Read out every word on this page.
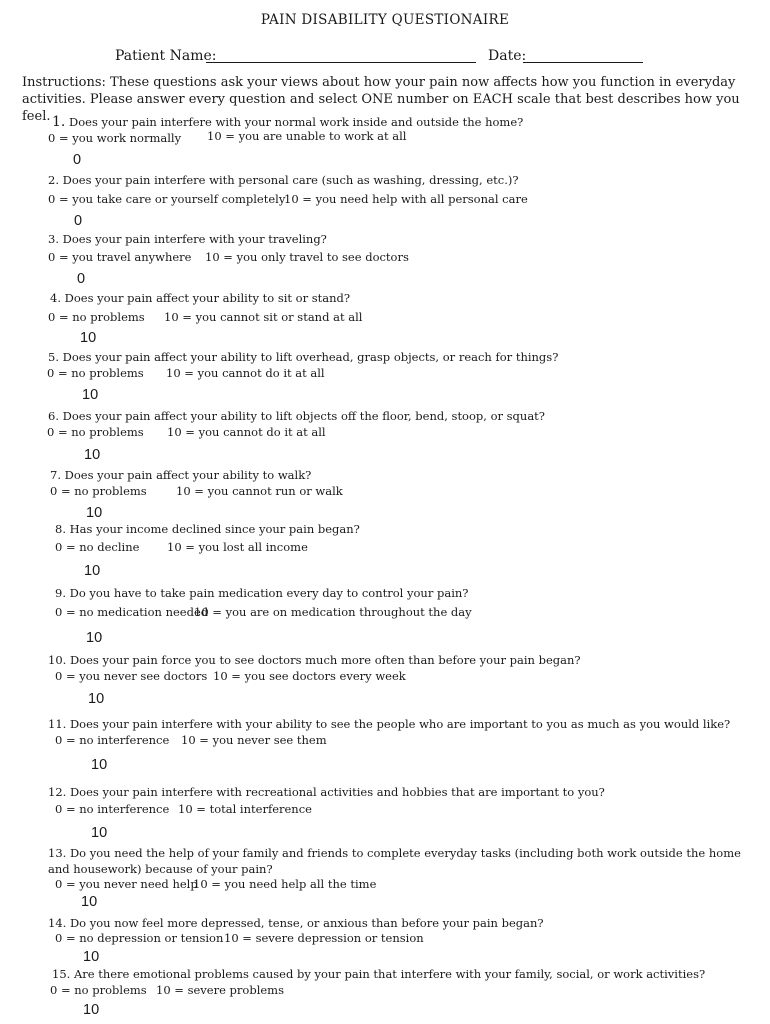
PAIN DISABILITY QUESTIONAIRE
Patient Name:	Date:
Instructions: These questions ask your views about how your pain now affects how you function in everyday activities. Please answer every question and select ONE number on EACH scale that best describes how you feel. 1. Does your pain interfere with your normal work inside and outside the home?
0 = you work normally 10 = you are unable to work at all
0
2. Does your pain interfere with personal care (such as washing, dressing, etc.)?
0 = you take care or yourself completely
10 = you need help with all personal care
0
3. Does your pain interfere with your traveling?
0 = you travel anywhere 10 = you only travel to see doctors
0
4. Does your pain affect your ability to sit or stand?
0 = no problems 10 = you cannot sit or stand at all
10
5. Does your pain affect your ability to lift overhead, grasp objects, or reach for things?
0 = no problems 10 = you cannot do it at all
10
6. Does your pain affect your ability to lift objects off the floor, bend, stoop, or squat?
0 = no problems 10 = you cannot do it at all
10
7. Does your pain affect your ability to walk?
0 = no problems	10 = you cannot run or walk
10
8. Has your income declined since your pain began?
0 = no decline 10 = you lost all income
10
9. Do you have to take pain medication every day to control your pain?
0 = no medication needed
10 = you are on medication throughout the day
10
10. Does your pain force you to see doctors much more often than before your pain began?
0 = you never see doctors 10 = you see doctors every week
10
11. Does your pain interfere with your ability to see the people who are important to you as much as you would like?
0 = no interference 10 = you never see them
10
12. Does your pain interfere with recreational activities and hobbies that are important to you?
0 = no interference 10 = total interference
10
13. Do you need the help of your family and friends to complete everyday tasks (including both work outside the home and housework) because of your pain?
0 = you never need help
10 = you need help all the time
10
14. Do you now feel more depressed, tense, or anxious than before your pain began?
0 = no depression or tension 10 = severe depression or tension
10
15. Are there emotional problems caused by your pain that interfere with your family, social, or work activities?
0 = no problems 10 = severe problems
10
